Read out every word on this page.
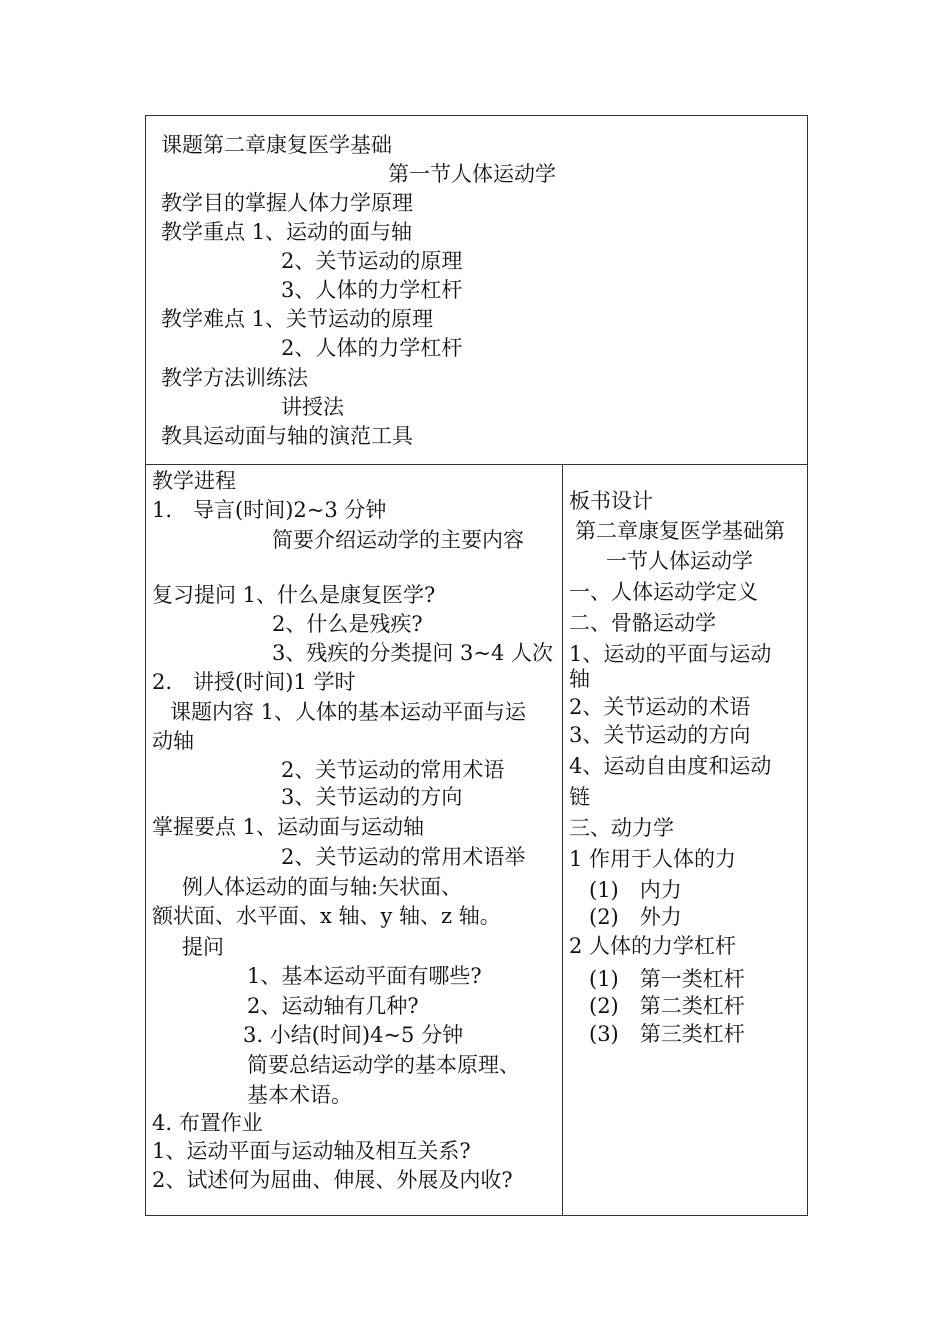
课题第二章康复医学基础
第一节人体运动学
教学目的掌握人体力学原理
教学重点 1、运动的面与轴
2、关节运动的原理
3、人体的力学杠杆
教学难点 1、关节运动的原理
2、人体的力学杠杆
教学方法训练法
讲授法
教具运动面与轴的演范工具
教学进程
1.　导言(时间)2~3 分钟
简要介绍运动学的主要内容
复习提问 1、什么是康复医学?
2、什么是残疾?
3、残疾的分类提问 3~4 人次
2.　讲授(时间)1 学时
课题内容 1、人体的基本运动平面与运
动轴
2、关节运动的常用术语
3、关节运动的方向
掌握要点 1、运动面与运动轴
2、关节运动的常用术语举
例人体运动的面与轴:矢状面、
额状面、水平面、x 轴、y 轴、z 轴。
提问
1、基本运动平面有哪些?
2、运动轴有几种?
3. 小结(时间)4~5 分钟
简要总结运动学的基本原理、
基本术语。
4. 布置作业
1、运动平面与运动轴及相互关系?
2、试述何为屈曲、伸展、外展及内收?
板书设计
第二章康复医学基础第
一节人体运动学
一、人体运动学定义
二、骨骼运动学
1、运动的平面与运动
轴
2、关节运动的术语
3、关节运动的方向
4、运动自由度和运动
链
三、动力学
1 作用于人体的力
(1)　内力
(2)　外力
2 人体的力学杠杆
(1)　第一类杠杆
(2)　第二类杠杆
(3)　第三类杠杆
